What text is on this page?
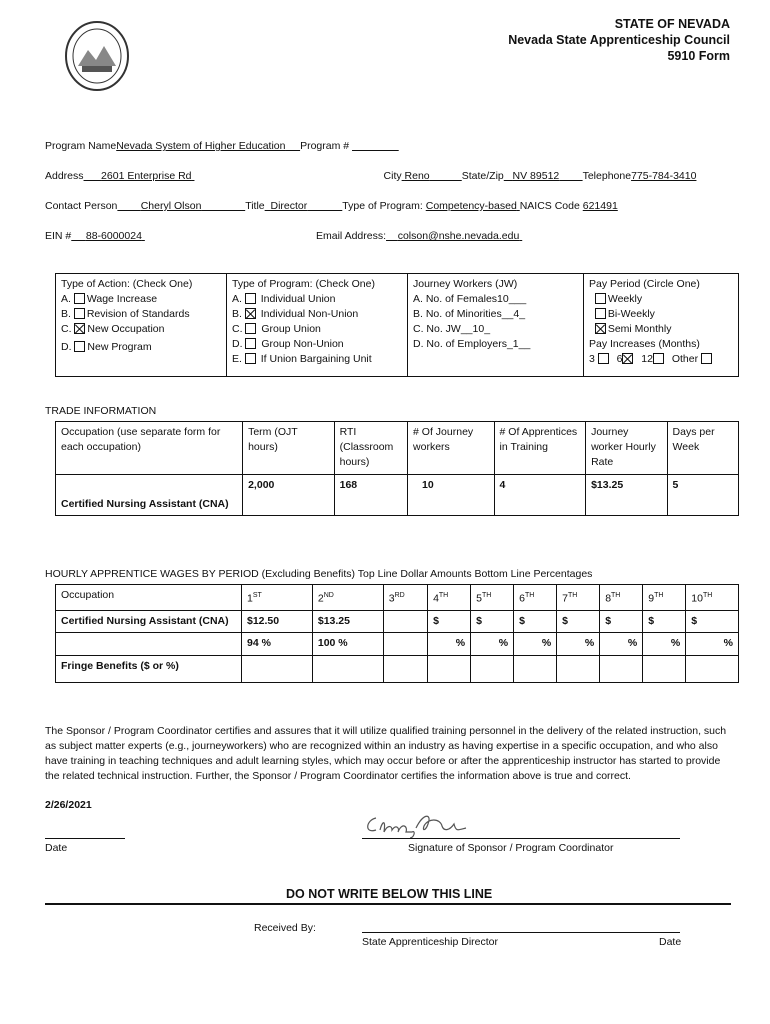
STATE OF NEVADA
Nevada State Apprenticeship Council
5910 Form
Program NameNevada System of Higher Education Program #
Address 2601 Enterprise Rd	City Reno	State/Zip NV 89512 Telephone775-784-3410
Contact Person Cheryl Olson	Title Director	Type of Program: Competency-based NAICS Code 621491
EIN # 88-6000024	Email Address: colson@nshe.nevada.edu
Type of Action: (Check One)
A. Wage Increase
B. Revision of Standards
C. New Occupation
D. New Program

Type of Program: (Check One)
A. Individual Union
B. Individual Non-Union
C. Group Union
D. Group Non-Union
E. If Union Bargaining Unit

Journey Workers (JW)
A. No. of Females10___
B. No. of Minorities__4_
C. No. JW__10_
D. No. of Employers_1__

Pay Period (Circle One)
Weekly
Bi-Weekly
Semi Monthly
Pay Increases (Months)
3 6 12 Other
TRADE INFORMATION
Occupation (use separate form for each occupation)	Term (OJT hours)	RTI (Classroom hours)	# Of Journey workers	# Of Apprentices in Training	Journey worker Hourly Rate	Days per Week
Certified Nursing Assistant (CNA)	2,000	168	10	4	$13.25	5
HOURLY APPRENTICE WAGES BY PERIOD (Excluding Benefits) Top Line Dollar Amounts Bottom Line Percentages
Occupation	1ST	2ND	3RD	4TH	5TH	6TH	7TH	8TH	9TH	10TH
Certified Nursing Assistant (CNA)	$12.50	$13.25		$	$	$	$	$	$	$
	94 %	100 %		%	%	%	%	%	%	%
Fringe Benefits ($ or %)										
The Sponsor / Program Coordinator certifies and assures that it will utilize qualified training personnel in the delivery of the related instruction, such as subject matter experts (e.g., journeyworkers) who are recognized within an industry as having expertise in a specific occupation, and who also have training in teaching techniques and adult learning styles, which may occur before or after the apprenticeship instructor has started to provide the related technical instruction. Further, the Sponsor / Program Coordinator certifies the information above is true and correct.
2/26/2021
Date	Signature of Sponsor / Program Coordinator
DO NOT WRITE BELOW THIS LINE
Received By:
State Apprenticeship Director	Date
